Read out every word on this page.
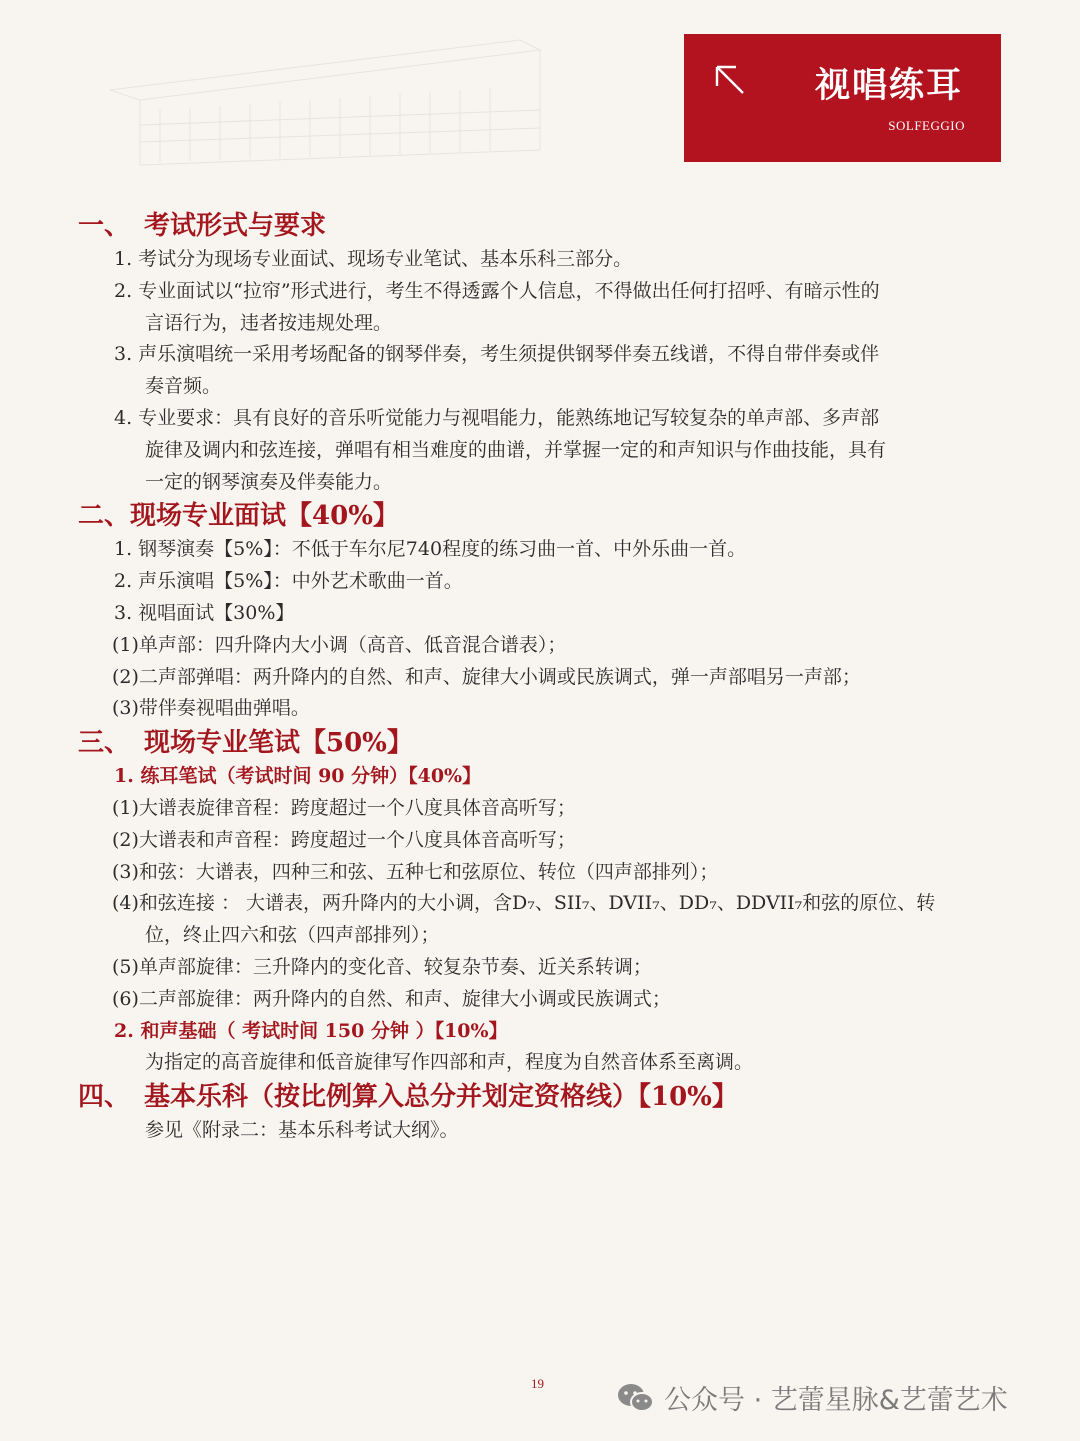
视唱练耳
SOLFEGGIO
一、 考试形式与要求
1. 考试分为现场专业面试、现场专业笔试、基本乐科三部分。
2. 专业面试以“拉帘”形式进行，考生不得透露个人信息，不得做出任何打招呼、有暗示性的
言语行为，违者按违规处理。
3. 声乐演唱统一采用考场配备的钢琴伴奏，考生须提供钢琴伴奏五线谱，不得自带伴奏或伴
奏音频。
4. 专业要求：具有良好的音乐听觉能力与视唱能力，能熟练地记写较复杂的单声部、多声部
旋律及调内和弦连接，弹唱有相当难度的曲谱，并掌握一定的和声知识与作曲技能，具有
一定的钢琴演奏及伴奏能力。
二、现场专业面试【40%】
1. 钢琴演奏【5%】：不低于车尔尼740程度的练习曲一首、中外乐曲一首。
2. 声乐演唱【5%】：中外艺术歌曲一首。
3. 视唱面试【30%】
(1)单声部：四升降内大小调（高音、低音混合谱表）；
(2)二声部弹唱：两升降内的自然、和声、旋律大小调或民族调式，弹一声部唱另一声部；
(3)带伴奏视唱曲弹唱。
三、 现场专业笔试【50%】
1. 练耳笔试（考试时间 90 分钟）【40%】
(1)大谱表旋律音程：跨度超过一个八度具体音高听写；
(2)大谱表和声音程：跨度超过一个八度具体音高听写；
(3)和弦：大谱表，四种三和弦、五种七和弦原位、转位（四声部排列）；
(4)和弦连接 ： 大谱表，两升降内的大小调，含D₇、SII₇、DVII₇、DD₇、DDVII₇和弦的原位、转
位，终止四六和弦（四声部排列）；
(5)单声部旋律：三升降内的变化音、较复杂节奏、近关系转调；
(6)二声部旋律：两升降内的自然、和声、旋律大小调或民族调式；
2. 和声基础（ 考试时间 150 分钟 ）【10%】
为指定的高音旋律和低音旋律写作四部和声，程度为自然音体系至离调。
四、 基本乐科（按比例算入总分并划定资格线）【10%】
参见《附录二：基本乐科考试大纲》。
19
公众号 · 艺蕾星脉&艺蕾艺术
